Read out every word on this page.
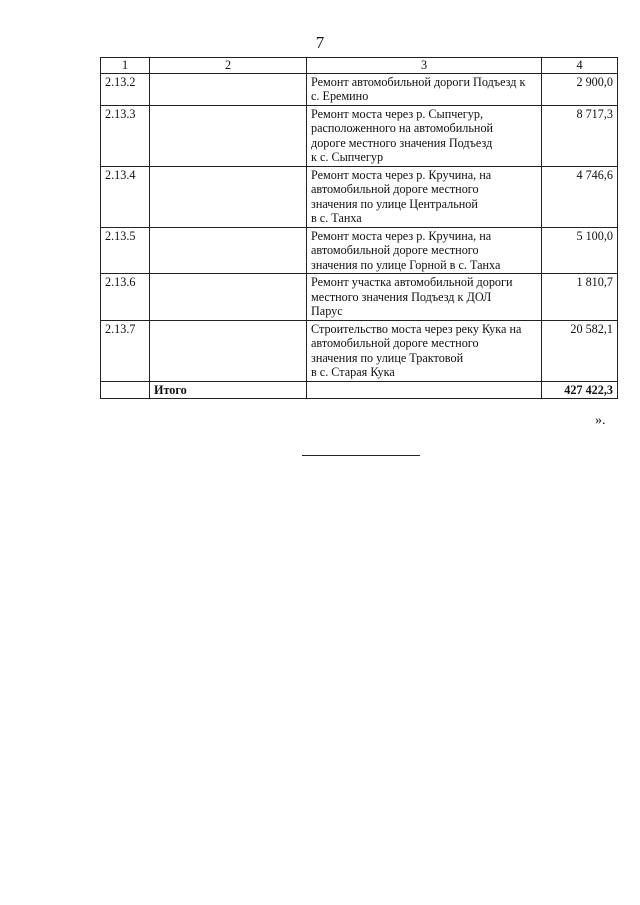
7
1	2	3	4
2.13.2		Ремонт автомобильной дороги Подъезд к
с. Еремино	2 900,0
2.13.3		Ремонт моста через р. Сыпчегур,
расположенного на автомобильной
дороге местного значения Подъезд
к с. Сыпчегур	8 717,3
2.13.4		Ремонт моста через р. Кручина, на
автомобильной дороге местного
значения по улице Центральной
в с. Танха	4 746,6
2.13.5		Ремонт моста через р. Кручина, на
автомобильной дороге местного
значения по улице Горной в с. Танха	5 100,0
2.13.6		Ремонт участка автомобильной дороги
местного значения Подъезд к ДОЛ
Парус	1 810,7
2.13.7		Строительство моста через реку Кука на
автомобильной дороге местного
значения по улице Трактовой
в с. Старая Кука	20 582,1
	Итого		427 422,3
».
